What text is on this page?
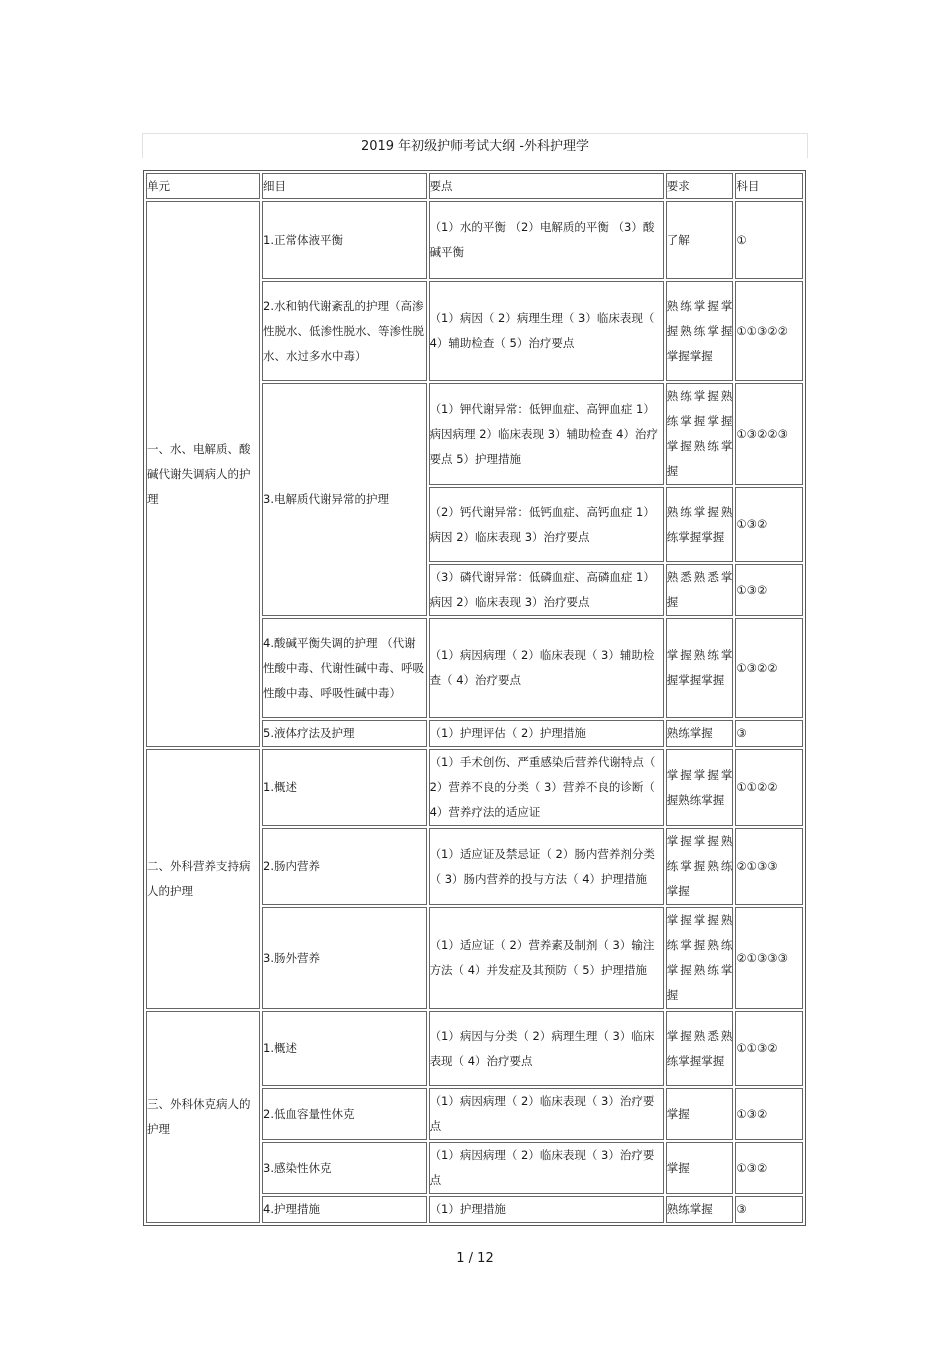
2019 年初级护师考试大纲 -外科护理学
单元	细目	要点	要求	科目
一、水、电解质、酸碱代谢失调病人的护理	1.正常体液平衡	（1）水的平衡 （2）电解质的平衡 （3）酸碱平衡	了解	①
	2.水和钠代谢紊乱的护理（高渗性脱水、低渗性脱水、等渗性脱水、水过多水中毒）	（1）病因（ 2）病理生理（ 3）临床表现（ 4）辅助检查（ 5）治疗要点	熟练掌握掌握熟练掌握掌握掌握	①①③②②
	3.电解质代谢异常的护理	（1）钾代谢异常：低钾血症、高钾血症 1）病因病理 2）临床表现 3）辅助检查 4）治疗要点 5）护理措施	熟练掌握熟练掌握掌握掌握熟练掌握	①③②②③
		（2）钙代谢异常：低钙血症、高钙血症 1）病因 2）临床表现 3）治疗要点	熟练掌握熟练掌握掌握	①③②
		（3）磷代谢异常：低磷血症、高磷血症 1）病因 2）临床表现 3）治疗要点	熟悉熟悉掌握	①③②
	4.酸碱平衡失调的护理 （代谢性酸中毒、代谢性碱中毒、呼吸性酸中毒、呼吸性碱中毒）	（1）病因病理（ 2）临床表现（ 3）辅助检查（ 4）治疗要点	掌握熟练掌握掌握掌握	①③②②
	5.液体疗法及护理	（1）护理评估（ 2）护理措施	熟练掌握	③
二、外科营养支持病人的护理	1.概述	（1）手术创伤、严重感染后营养代谢特点（ 2）营养不良的分类（ 3）营养不良的诊断（ 4）营养疗法的适应证	掌握掌握掌握熟练掌握	①①②②
	2.肠内营养	（1）适应证及禁忌证（ 2）肠内营养剂分类（ 3）肠内营养的投与方法（ 4）护理措施	掌握掌握熟练掌握熟练掌握	②①③③
	3.肠外营养	（1）适应证（ 2）营养素及制剂（ 3）输注方法（ 4）并发症及其预防（ 5）护理措施	掌握掌握熟练掌握熟练掌握熟练掌握	②①③③③
三、外科休克病人的护理	1.概述	（1）病因与分类（ 2）病理生理（ 3）临床表现（ 4）治疗要点	掌握熟悉熟练掌握掌握	①①③②
	2.低血容量性休克	（1）病因病理（ 2）临床表现（ 3）治疗要点	掌握	①③②
	3.感染性休克	（1）病因病理（ 2）临床表现（ 3）治疗要点	掌握	①③②
	4.护理措施	（1）护理措施	熟练掌握	③
1 / 12
